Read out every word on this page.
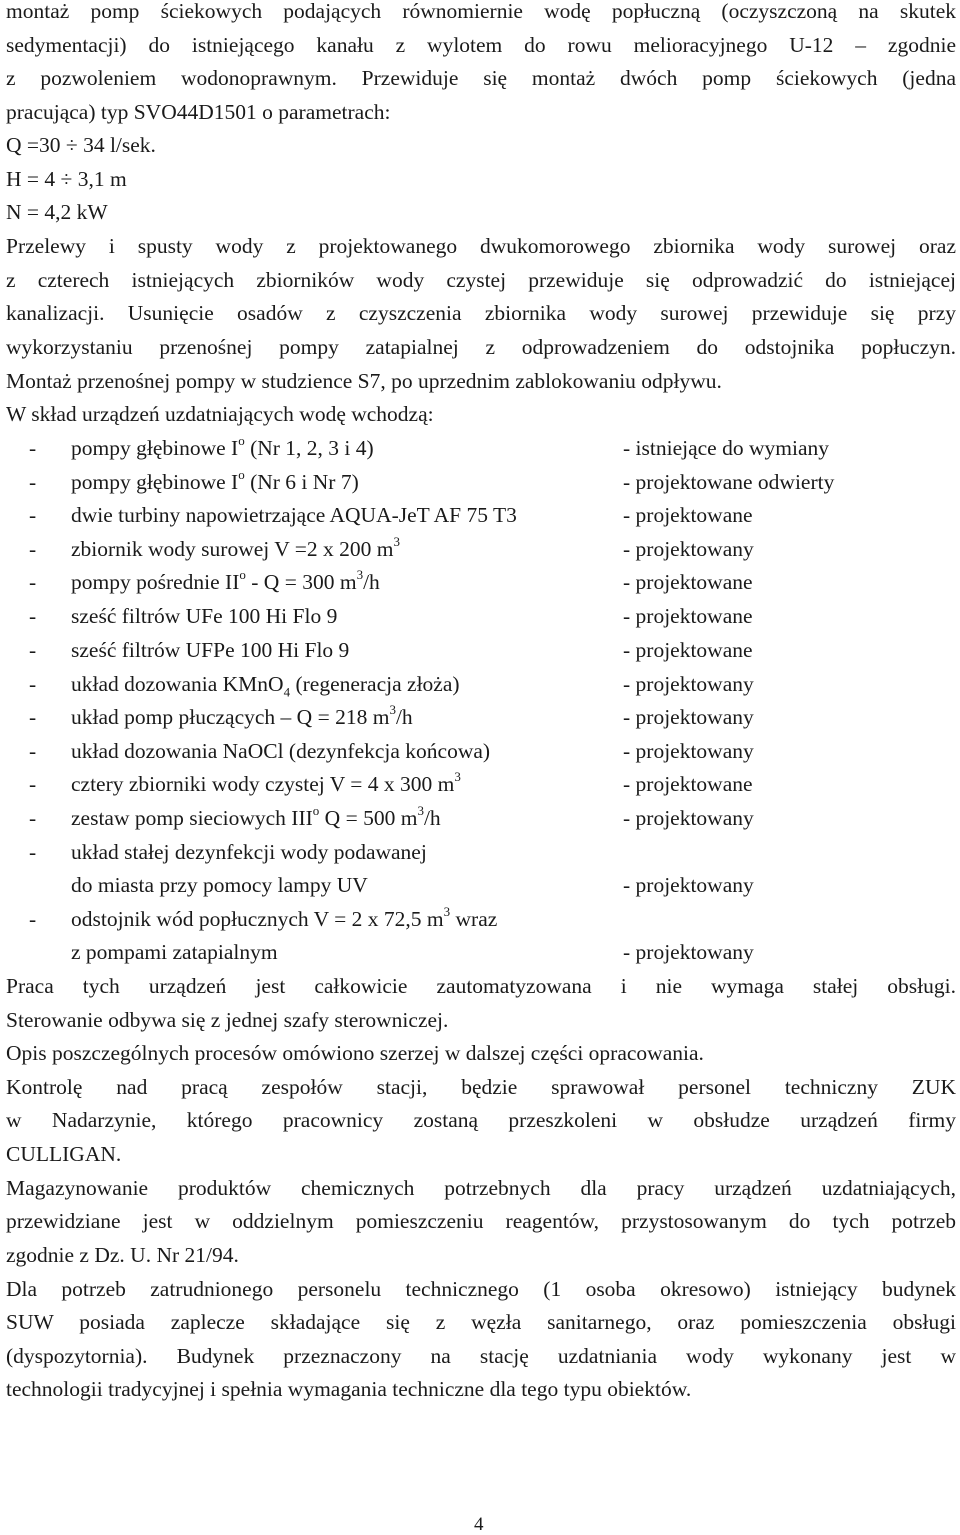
montaż pomp ściekowych podających równomiernie wodę popłuczną (oczyszczoną na skutek
sedymentacji) do istniejącego kanału z wylotem do rowu melioracyjnego U-12 – zgodnie
z pozwoleniem wodonoprawnym. Przewiduje się montaż dwóch pomp ściekowych (jedna
pracująca) typ SVO44D1501 o parametrach:
Q =30 ÷ 34 l/sek.
H = 4 ÷ 3,1 m
N = 4,2 kW
Przelewy i spusty wody z projektowanego dwukomorowego zbiornika wody surowej oraz
z czterech istniejących zbiorników wody czystej przewiduje się odprowadzić do istniejącej
kanalizacji. Usunięcie osadów z czyszczenia zbiornika wody surowej przewiduje się przy
wykorzystaniu przenośnej pompy zatapialnej z odprowadzeniem do odstojnika popłuczyn.
Montaż przenośnej pompy w studzience S7, po uprzednim zablokowaniu odpływu.
W skład urządzeń uzdatniających wodę wchodzą:
- pompy głębinowe $I^o$ (Nr 1, 2, 3 i 4)	- istniejące do wymiany
- pompy głębinowe $I^o$ (Nr 6 i Nr 7)	- projektowane odwierty
- dwie turbiny napowietrzające AQUA-JeT AF 75 T3	- projektowane
- zbiornik wody surowej V =2 x 200 $m^3$	- projektowany
- pompy pośrednie $II^o - Q = 300$ $m^3/h$	- projektowane
- sześć filtrów UFe 100 Hi Flo 9	- projektowane
- sześć filtrów UFPe 100 Hi Flo 9	- projektowane
- układ dozowania KMnO$_4$ (regeneracja złoża)	- projektowany
- układ pomp płuczących – Q = 218 $m^3/h$	- projektowany
- układ dozowania NaOCl (dezynfekcja końcowa)	- projektowany
- cztery zbiorniki wody czystej V = 4 x 300 $m^3$	- projektowane
- zestaw pomp sieciowych III$^o$ Q = 500 $m^3/h$	- projektowany
- układ stałej dezynfekcji wody podawanej
do miasta przy pomocy lampy UV	- projektowany
- odstojnik wód popłucznych V = 2 x 72,5 $m^3$ wraz
z pompami zatapialnym	- projektowany
Praca tych urządzeń jest całkowicie zautomatyzowana i nie wymaga stałej obsługi.
Sterowanie odbywa się z jednej szafy sterowniczej.
Opis poszczególnych procesów omówiono szerzej w dalszej części opracowania.
Kontrolę nad pracą zespołów stacji, będzie sprawował personel techniczny ZUK
w Nadarzynie, którego pracownicy zostaną przeszkoleni w obsłudze urządzeń firmy
CULLIGAN.
Magazynowanie produktów chemicznych potrzebnych dla pracy urządzeń uzdatniających,
przewidziane jest w oddzielnym pomieszczeniu reagentów, przystosowanym do tych potrzeb
zgodnie z Dz. U. Nr 21/94.
Dla potrzeb zatrudnionego personelu technicznego (1 osoba okresowo) istniejący budynek
SUW posiada zaplecze składające się z węzła sanitarnego, oraz pomieszczenia obsługi
(dyspozytornia). Budynek przeznaczony na stację uzdatniania wody wykonany jest w
technologii tradycyjnej i spełnia wymagania techniczne dla tego typu obiektów.
4
